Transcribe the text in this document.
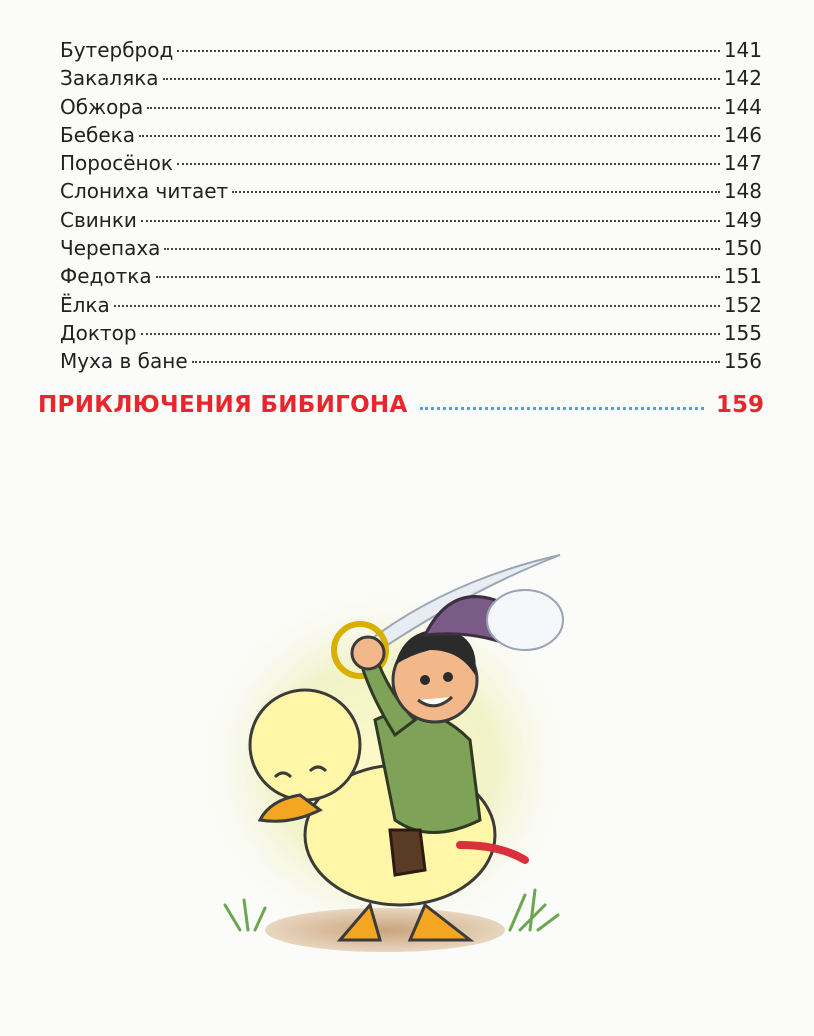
Бутерброд	141
Закаляка	142
Обжора	144
Бебека	146
Поросёнок	147
Слониха читает	148
Свинки	149
Черепаха	150
Федотка	151
Ёлка	152
Доктор	155
Муха в бане	156
ПРИКЛЮЧЕНИЯ БИБИГОНА	159
